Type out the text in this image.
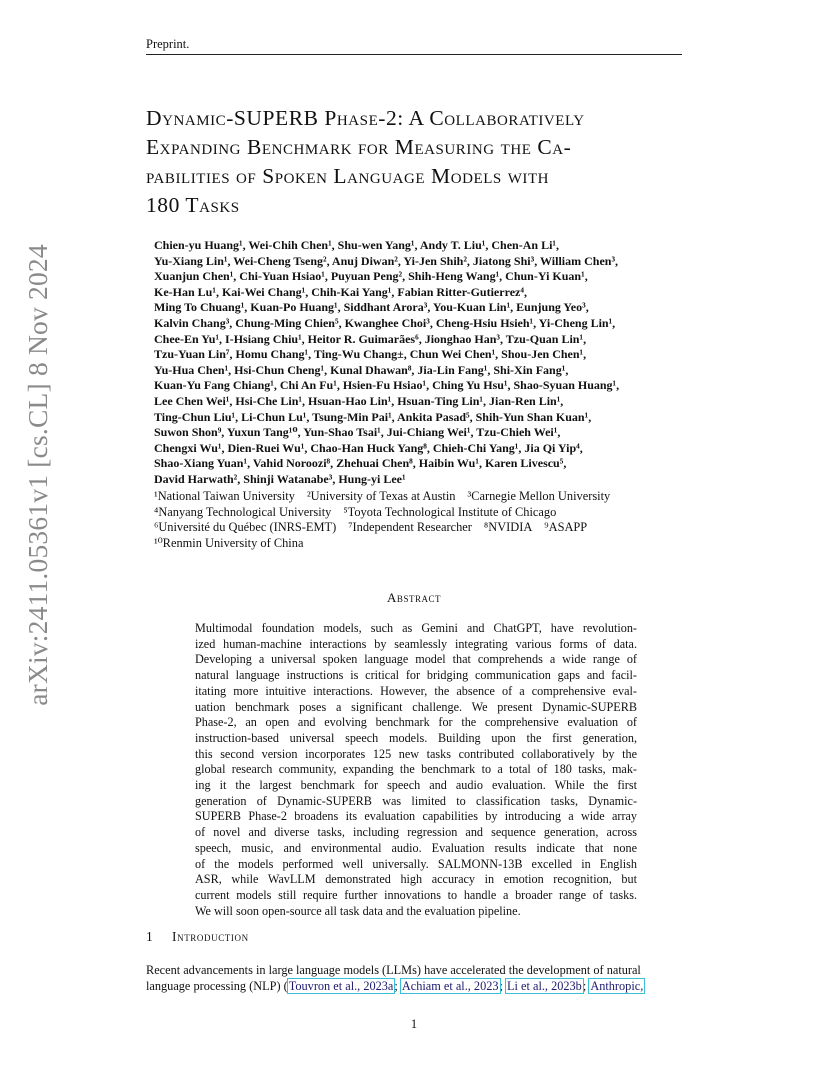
Preprint.
arXiv:2411.05361v1 [cs.CL] 8 Nov 2024
Dynamic-SUPERB Phase-2: A Collaboratively
Expanding Benchmark for Measuring the Ca-
pabilities of Spoken Language Models with
180 Tasks
Chien-yu Huang¹, Wei-Chih Chen¹, Shu-wen Yang¹, Andy T. Liu¹, Chen-An Li¹,
Yu-Xiang Lin¹, Wei-Cheng Tseng², Anuj Diwan², Yi-Jen Shih², Jiatong Shi³, William Chen³,
Xuanjun Chen¹, Chi-Yuan Hsiao¹, Puyuan Peng², Shih-Heng Wang¹, Chun-Yi Kuan¹,
Ke-Han Lu¹, Kai-Wei Chang¹, Chih-Kai Yang¹, Fabian Ritter-Gutierrez⁴,
Ming To Chuang¹, Kuan-Po Huang¹, Siddhant Arora³, You-Kuan Lin¹, Eunjung Yeo³,
Kalvin Chang³, Chung-Ming Chien⁵, Kwanghee Choi³, Cheng-Hsiu Hsieh¹, Yi-Cheng Lin¹,
Chee-En Yu¹, I-Hsiang Chiu¹, Heitor R. Guimarães⁶, Jionghao Han³, Tzu-Quan Lin¹,
Tzu-Yuan Lin⁷, Homu Chang¹, Ting-Wu Chang±, Chun Wei Chen¹, Shou-Jen Chen¹,
Yu-Hua Chen¹, Hsi-Chun Cheng¹, Kunal Dhawan⁸, Jia-Lin Fang¹, Shi-Xin Fang¹,
Kuan-Yu Fang Chiang¹, Chi An Fu¹, Hsien-Fu Hsiao¹, Ching Yu Hsu¹, Shao-Syuan Huang¹,
Lee Chen Wei¹, Hsi-Che Lin¹, Hsuan-Hao Lin¹, Hsuan-Ting Lin¹, Jian-Ren Lin¹,
Ting-Chun Liu¹, Li-Chun Lu¹, Tsung-Min Pai¹, Ankita Pasad⁵, Shih-Yun Shan Kuan¹,
Suwon Shon⁹, Yuxun Tang¹⁰, Yun-Shao Tsai¹, Jui-Chiang Wei¹, Tzu-Chieh Wei¹,
Chengxi Wu¹, Dien-Ruei Wu¹, Chao-Han Huck Yang⁸, Chieh-Chi Yang¹, Jia Qi Yip⁴,
Shao-Xiang Yuan¹, Vahid Noroozi⁸, Zhehuai Chen⁸, Haibin Wu¹, Karen Livescu⁵,
David Harwath², Shinji Watanabe³, Hung-yi Lee¹
¹National Taiwan University ²University of Texas at Austin ³Carnegie Mellon University
⁴Nanyang Technological University ⁵Toyota Technological Institute of Chicago
⁶Université du Québec (INRS-EMT) ⁷Independent Researcher ⁸NVIDIA ⁹ASAPP
¹⁰Renmin University of China
Abstract
Multimodal foundation models, such as Gemini and ChatGPT, have revolution-
ized human-machine interactions by seamlessly integrating various forms of data.
Developing a universal spoken language model that comprehends a wide range of
natural language instructions is critical for bridging communication gaps and facil-
itating more intuitive interactions. However, the absence of a comprehensive eval-
uation benchmark poses a significant challenge. We present Dynamic-SUPERB
Phase-2, an open and evolving benchmark for the comprehensive evaluation of
instruction-based universal speech models. Building upon the first generation,
this second version incorporates 125 new tasks contributed collaboratively by the
global research community, expanding the benchmark to a total of 180 tasks, mak-
ing it the largest benchmark for speech and audio evaluation. While the first
generation of Dynamic-SUPERB was limited to classification tasks, Dynamic-
SUPERB Phase-2 broadens its evaluation capabilities by introducing a wide array
of novel and diverse tasks, including regression and sequence generation, across
speech, music, and environmental audio. Evaluation results indicate that none
of the models performed well universally. SALMONN-13B excelled in English
ASR, while WavLLM demonstrated high accuracy in emotion recognition, but
current models still require further innovations to handle a broader range of tasks.
We will soon open-source all task data and the evaluation pipeline.
1 Introduction
Recent advancements in large language models (LLMs) have accelerated the development of natural
language processing (NLP) (Touvron et al., 2023a; Achiam et al., 2023; Li et al., 2023b; Anthropic,
1
